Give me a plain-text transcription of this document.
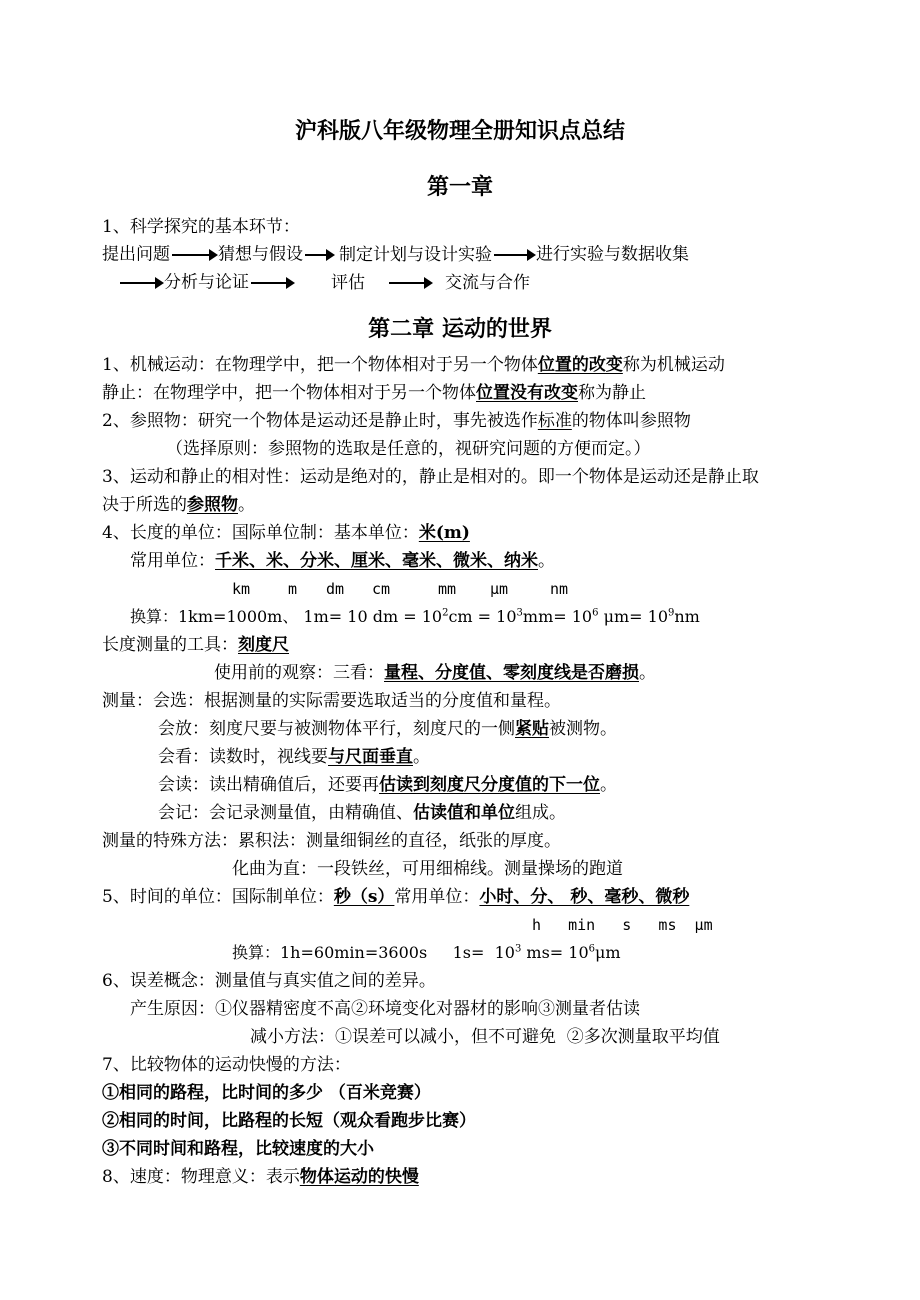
沪科版八年级物理全册知识点总结
第一章
1、科学探究的基本环节：
提出问题	猜想与假设 制定计划与设计实验	进行实验与数据收集
分析与论证	评估	交流与合作
第二章 运动的世界
1、机械运动：在物理学中，把一个物体相对于另一个物体位置的改变称为机械运动
静止：在物理学中，把一个物体相对于另一个物体位置没有改变称为静止
2、参照物：研究一个物体是运动还是静止时，事先被选作标准的物体叫参照物
（选择原则：参照物的选取是任意的，视研究问题的方便而定。）
3、运动和静止的相对性：运动是绝对的，静止是相对的。即一个物体是运动还是静止取
决于所选的参照物。
4、长度的单位：国际单位制：基本单位：米(m)
常用单位：千米、米、分米、厘米、毫米、微米、纳米。
km	m dm cm	mm μm	nm
换算：1km=1000m、 1m= 10 dm = $10^2cm = 10^3mm= 10^6$ $\mu m= 10^9nm$
长度测量的工具：刻度尺
使用前的观察：三看：量程、分度值、零刻度线是否磨损。
测量：会选：根据测量的实际需要选取适当的分度值和量程。
会放：刻度尺要与被测物体平行，刻度尺的一侧紧贴被测物。
会看：读数时，视线要与尺面垂直。
会读：读出精确值后，还要再估读到刻度尺分度值的下一位。
会记：会记录测量值，由精确值、估读值和单位组成。
测量的特殊方法：累积法：测量细铜丝的直径，纸张的厚度。
化曲为直：一段铁丝，可用细棉线。测量操场的跑道
5、时间的单位：国际制单位：秒（s）常用单位：小时、分、 秒、毫秒、微秒
h   min   s   ms  μm
换算：1h=60min=3600s     $1s= 10^3$ $ms= 10^6\mu m$
6、误差概念：测量值与真实值之间的差异。
产生原因：①仪器精密度不高②环境变化对器材的影响③测量者估读
减小方法：①误差可以减小，但不可避免  ②多次测量取平均值
7、比较物体的运动快慢的方法：
①相同的路程，比时间的多少 （百米竞赛）
②相同的时间，比路程的长短（观众看跑步比赛）
③不同时间和路程，比较速度的大小
8、速度：物理意义：表示物体运动的快慢
